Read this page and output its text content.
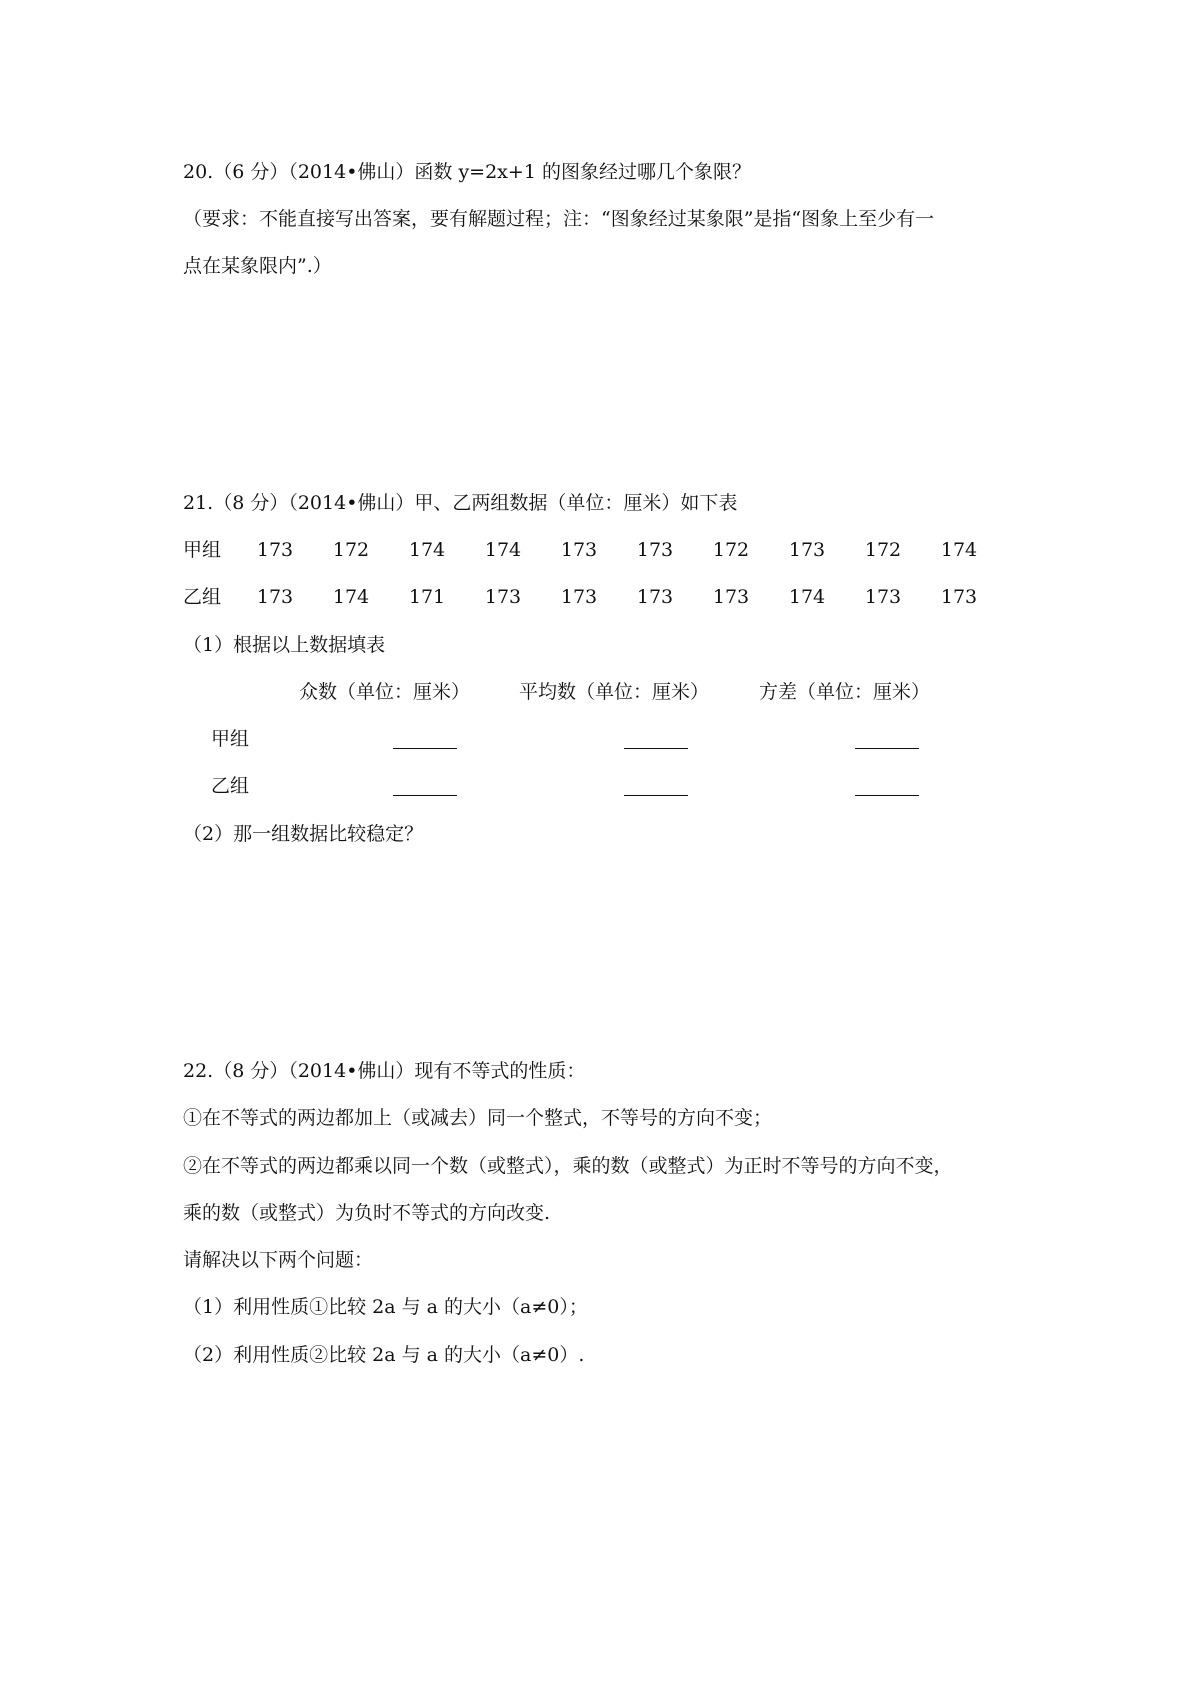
20.（6 分）（2014•佛山）函数 y=2x+1 的图象经过哪几个象限？
（要求：不能直接写出答案，要有解题过程；注：“图象经过某象限”是指“图象上至少有一
点在某象限内”.）
21.（8 分）（2014•佛山）甲、乙两组数据（单位：厘米）如下表
甲组	173	172	174	174	173	173	172	173	172	174
乙组	173	174	171	173	173	173	173	174	173	173
（1）根据以上数据填表
众数（单位：厘米）	平均数（单位：厘米）	方差（单位：厘米）
甲组
乙组
（2）那一组数据比较稳定？
22.（8 分）（2014•佛山）现有不等式的性质：
①在不等式的两边都加上（或减去）同一个整式，不等号的方向不变；
②在不等式的两边都乘以同一个数（或整式），乘的数（或整式）为正时不等号的方向不变，
乘的数（或整式）为负时不等式的方向改变.
请解决以下两个问题：
（1）利用性质①比较 2a 与 a 的大小（a≠0）；
（2）利用性质②比较 2a 与 a 的大小（a≠0）.
